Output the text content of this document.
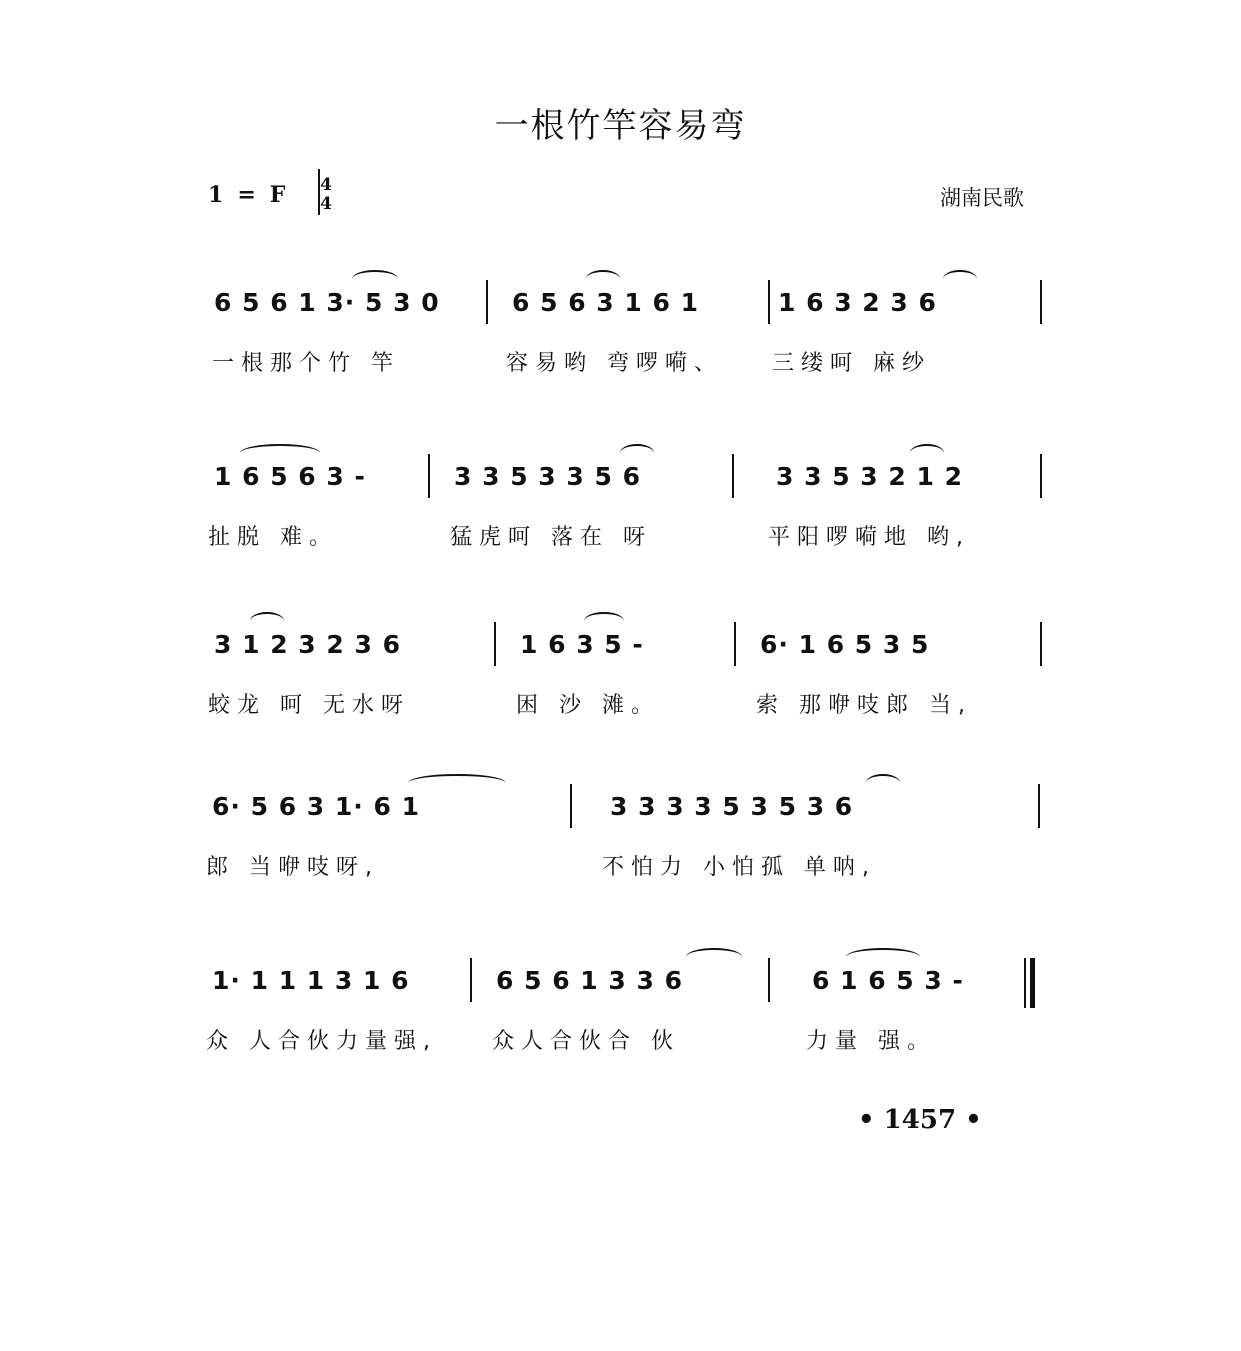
一根竹竿容易弯
1 = F 4
4	湖南民歌
6 5 6 1 3· 5 3 0	6 5 6 3 1 6 1	1 6 3 2 3 6
一根那个竹 竿	容易哟 弯啰嗬、 三缕呵 麻纱
1 6 5 6 3 -	3 3 5 3 3 5 6	3 3 5 3 2 1 2
扯脱 难。	猛虎呵 落在 呀	平阳啰嗬地 哟,
3 1 2 3 2 3 6	1 6 3 5 -	6· 1 6 5 3 5
蛟龙 呵 无水呀	困 沙 滩。	索 那咿吱郎 当,
6· 5 6 3 1· 6 1	3 3 3 3 5 3 5 3 6
郎 当咿吱呀,	不怕力 小怕孤 单呐,
1· 1 1 1 3 1 6	6 5 6 1 3 3 6	6 1 6 5 3 -
众 人合伙力量强,	众人合伙合 伙	力量 强。
• 1457 •
